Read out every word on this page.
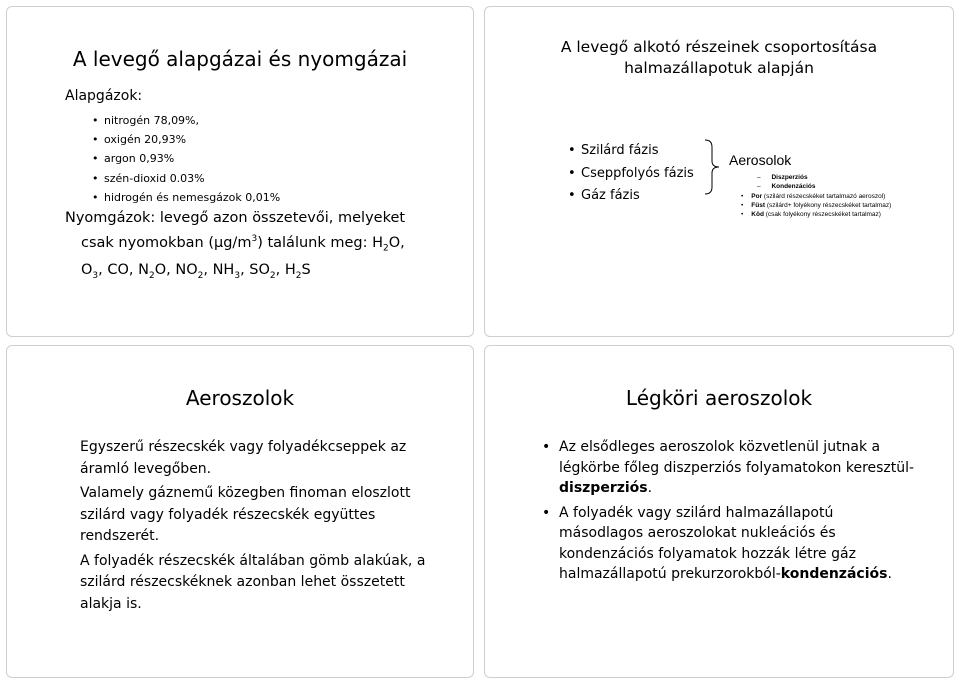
A levegő alapgázai és nyomgázai
Alapgázok:
• nitrogén 78,09%,
• oxigén 20,93%
• argon 0,93%
• szén-dioxid 0.03%
• hidrogén és nemesgázok 0,01%
Nyomgázok: levegő azon összetevői, melyeket
csak nyomokban $(\mu g/m^3)$ találunk meg: $H_2O$,
$O_3$, CO, $N_2O$, $NO_2$, $NH_3$, $SO_2$, $H_2S$
A levegő alkotó részeinek csoportosítása
halmazállapotuk alapján
• Szilárd fázis
• Cseppfolyós fázis
• Gáz fázis
Aerosolok
–      Diszperziós
–      Kondenzációs
• Por (szilárd részecskéket tartalmazó aeroszol)
• Füst (szilárd+ folyékony részecskéket tartalmaz)
• Köd (csak folyékony részecskéket tartalmaz)
Aeroszolok

Egyszerű részecskék vagy folyadékcseppek az áramló levegőben.

Valamely gáznemű közegben finoman eloszlott szilárd vagy folyadék részecskék együttes rendszerét.

A folyadék részecskék általában gömb alakúak, a szilárd részecskéknek azonban lehet összetett alakja is.

Légköri aeroszolok
• Az elsődleges aeroszolok közvetlenül jutnak a légkörbe főleg diszperziós folyamatokon keresztül-diszperziós.
• A folyadék vagy szilárd halmazállapotú másodlagos aeroszolokat nukleációs és kondenzációs folyamatok hozzák létre gáz halmazállapotú prekurzorokból-kondenzációs.
